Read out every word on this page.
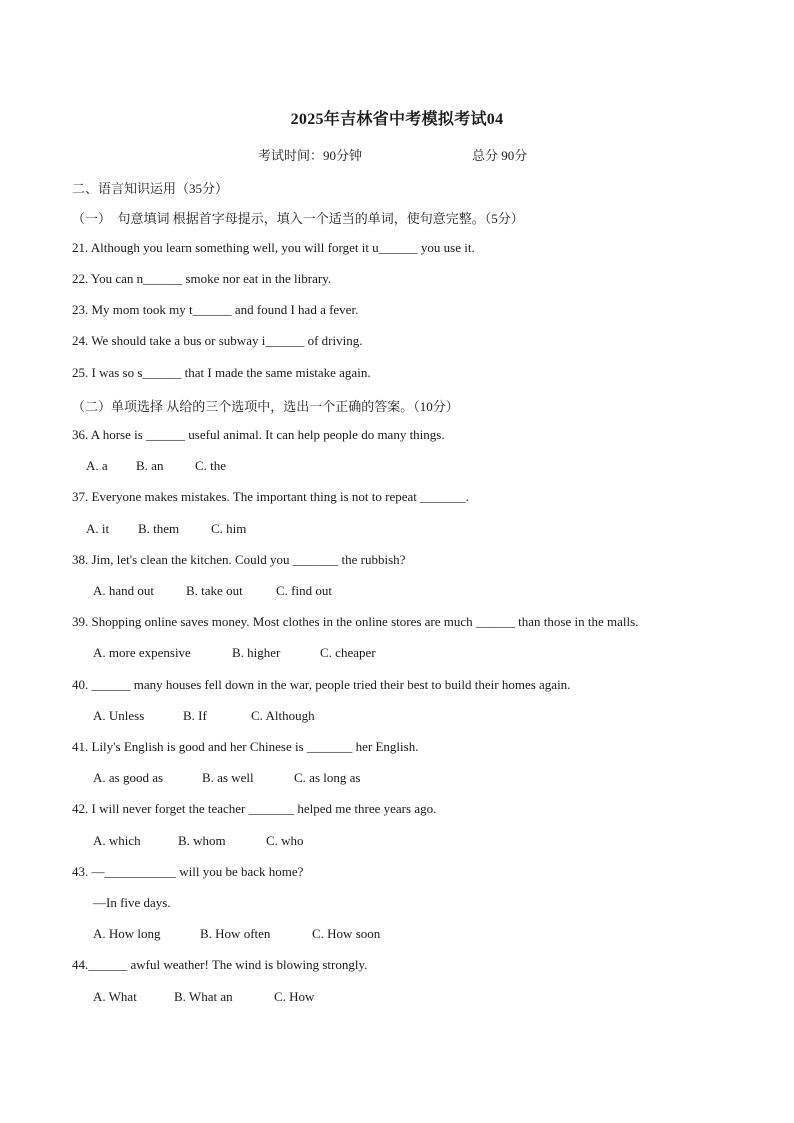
2025年吉林省中考模拟考试04
考试时间：90分钟	总分 90分
二、语言知识运用（35分）
（一）　句意填词 根据首字母提示，填入一个适当的单词，使句意完整。（5分）
21. Although you learn something well, you will forget it u______ you use it.
22. You can n______ smoke nor eat in the library.
23. My mom took my t______ and found I had a fever.
24. We should take a bus or subway i______ of driving.
25. I was so s______ that I made the same mistake again.
（二）单项选择 从给的三个选项中，选出一个正确的答案。（10分）
36. A horse is ______ useful animal. It can help people do many things.
A. a B. an C. the
37. Everyone makes mistakes. The important thing is not to repeat _______.
A. it B. them C. him
38. Jim, let's clean the kitchen. Could you _______ the rubbish?
A. hand out B. take out	C. find out
39. Shopping online saves money. Most clothes in the online stores are much ______ than those in the malls.
A. more expensive	B. higher	C. cheaper
40. ______ many houses fell down in the war, people tried their best to build their homes again.
A. Unless	B. If	C. Although
41. Lily's English is good and her Chinese is _______ her English.
A. as good as	B. as well	C. as long as
42. I will never forget the teacher _______ helped me three years ago.
A. which	B. whom	C. who
43. —___________ will you be back home?
—In five days.
A. How long	B. How often	C. How soon
44.______ awful weather! The wind is blowing strongly.
A. What	B. What an	C. How
